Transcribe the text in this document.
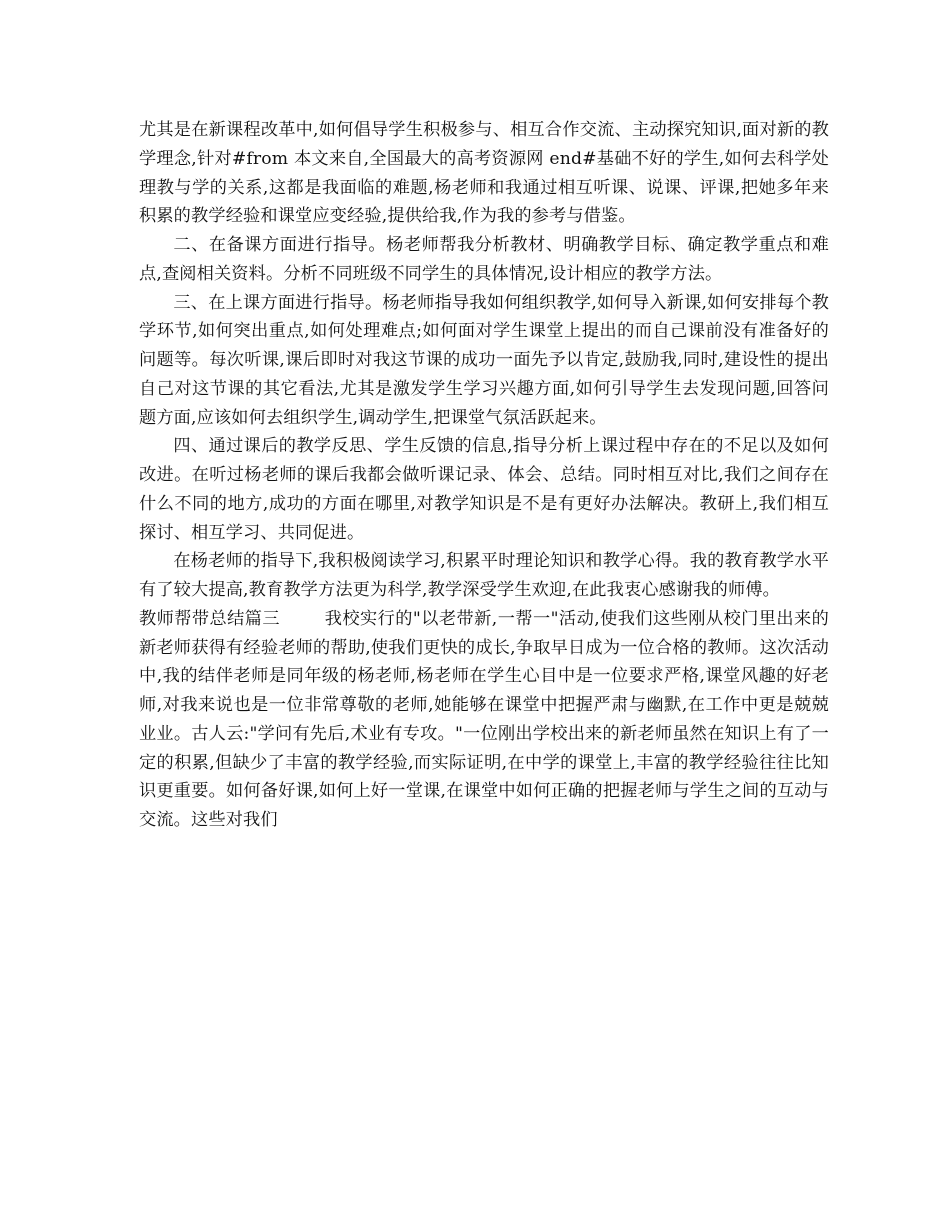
尤其是在新课程改革中,如何倡导学生积极参与、相互合作交流、主动探究知识,面对新的教学理念,针对#from 本文来自,全国最大的高考资源网 end#基础不好的学生,如何去科学处理教与学的关系,这都是我面临的难题,杨老师和我通过相互听课、说课、评课,把她多年来积累的教学经验和课堂应变经验,提供给我,作为我的参考与借鉴。

二、在备课方面进行指导。杨老师帮我分析教材、明确教学目标、确定教学重点和难点,查阅相关资料。分析不同班级不同学生的具体情况,设计相应的教学方法。

三、在上课方面进行指导。杨老师指导我如何组织教学,如何导入新课,如何安排每个教学环节,如何突出重点,如何处理难点;如何面对学生课堂上提出的而自己课前没有准备好的问题等。每次听课,课后即时对我这节课的成功一面先予以肯定,鼓励我,同时,建设性的提出自己对这节课的其它看法,尤其是激发学生学习兴趣方面,如何引导学生去发现问题,回答问题方面,应该如何去组织学生,调动学生,把课堂气氛活跃起来。

四、通过课后的教学反思、学生反馈的信息,指导分析上课过程中存在的不足以及如何改进。在听过杨老师的课后我都会做听课记录、体会、总结。同时相互对比,我们之间存在什么不同的地方,成功的方面在哪里,对教学知识是不是有更好办法解决。教研上,我们相互探讨、相互学习、共同促进。

在杨老师的指导下,我积极阅读学习,积累平时理论知识和教学心得。我的教育教学水平有了较大提高,教育教学方法更为科学,教学深受学生欢迎,在此我衷心感谢我的师傅。

教师帮带总结篇三	我校实行的"以老带新,一帮一"活动,使我们这些刚从校门里出来的新老师获得有经验老师的帮助,使我们更快的成长,争取早日成为一位合格的教师。这次活动中,我的结伴老师是同年级的杨老师,杨老师在学生心目中是一位要求严格,课堂风趣的好老师,对我来说也是一位非常尊敬的老师,她能够在课堂中把握严肃与幽默,在工作中更是兢兢业业。古人云:"学问有先后,术业有专攻。"一位刚出学校出来的新老师虽然在知识上有了一定的积累,但缺少了丰富的教学经验,而实际证明,在中学的课堂上,丰富的教学经验往往比知识更重要。如何备好课,如何上好一堂课,在课堂中如何正确的把握老师与学生之间的互动与交流。这些对我们
